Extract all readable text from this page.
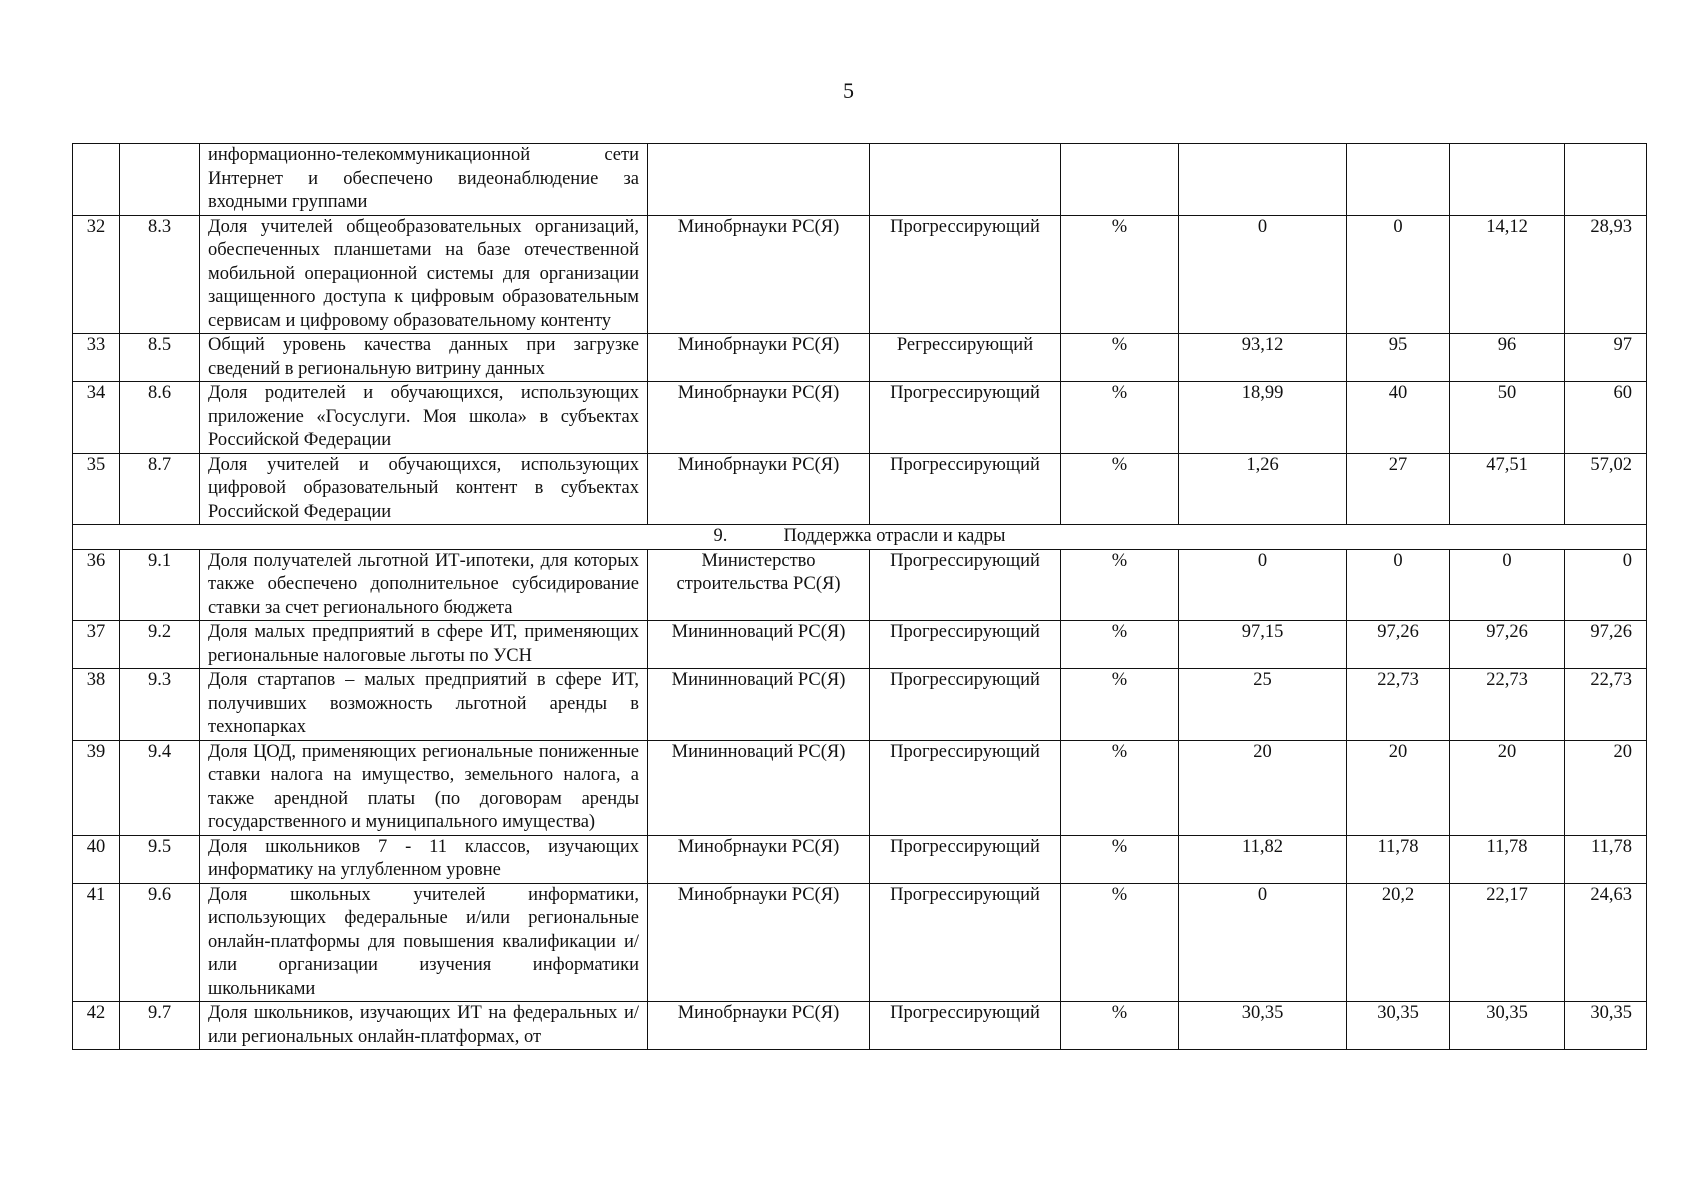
5
		информационно-телекоммуникационной сети Интернет и обеспечено видеонаблюдение за входными группами							
32	8.3	Доля учителей общеобразовательных организаций, обеспеченных планшетами на базе отечественной мобильной операционной системы для организации защищенного доступа к цифровым образовательным сервисам и цифровому образовательному контенту	Минобрнауки РС(Я)	Прогрессирующий	%	0	0	14,12	28,93
33	8.5	Общий уровень качества данных при загрузке сведений в региональную витрину данных	Минобрнауки РС(Я)	Регрессирующий	%	93,12	95	96	97
34	8.6	Доля родителей и обучающихся, использующих приложение «Госуслуги. Моя школа» в субъектах Российской Федерации	Минобрнауки РС(Я)	Прогрессирующий	%	18,99	40	50	60
35	8.7	Доля учителей и обучающихся, использующих цифровой образовательный контент в субъектах Российской Федерации	Минобрнауки РС(Я)	Прогрессирующий	%	1,26	27	47,51	57,02
9. Поддержка отрасли и кадры									
36	9.1	Доля получателей льготной ИТ-ипотеки, для которых также обеспечено дополнительное субсидирование ставки за счет регионального бюджета	Министерство строительства РС(Я)	Прогрессирующий	%	0	0	0	0
37	9.2	Доля малых предприятий в сфере ИТ, применяющих региональные налоговые льготы по УСН	Мининноваций РС(Я)	Прогрессирующий	%	97,15	97,26	97,26	97,26
38	9.3	Доля стартапов – малых предприятий в сфере ИТ, получивших возможность льготной аренды в технопарках	Мининноваций РС(Я)	Прогрессирующий	%	25	22,73	22,73	22,73
39	9.4	Доля ЦОД, применяющих региональные пониженные ставки налога на имущество, земельного налога, а также арендной платы (по договорам аренды государственного и муниципального имущества)	Мининноваций РС(Я)	Прогрессирующий	%	20	20	20	20
40	9.5	Доля школьников 7 - 11 классов, изучающих информатику на углубленном уровне	Минобрнауки РС(Я)	Прогрессирующий	%	11,82	11,78	11,78	11,78
41	9.6	Доля школьных учителей информатики, использующих федеральные и/или региональные онлайн-платформы для повышения квалификации и/или организации изучения информатики школьниками	Минобрнауки РС(Я)	Прогрессирующий	%	0	20,2	22,17	24,63
42	9.7	Доля школьников, изучающих ИТ на федеральных и/или региональных онлайн-платформах, от	Минобрнауки РС(Я)	Прогрессирующий	%	30,35	30,35	30,35	30,35
